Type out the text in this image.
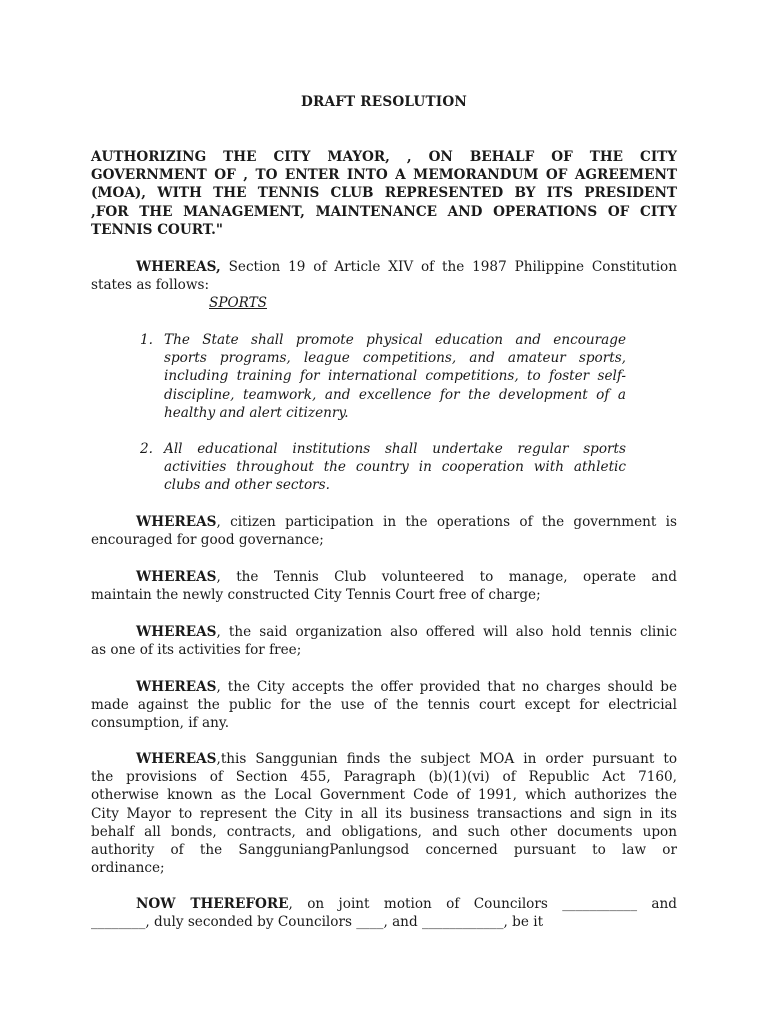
DRAFT RESOLUTION
AUTHORIZING THE CITY MAYOR, , ON BEHALF OF THE CITY
GOVERNMENT OF , TO ENTER INTO A MEMORANDUM OF AGREEMENT
(MOA), WITH THE TENNIS CLUB REPRESENTED BY ITS PRESIDENT
,FOR THE MANAGEMENT, MAINTENANCE AND OPERATIONS OF CITY
TENNIS COURT."
WHEREAS, Section 19 of Article XIV of the 1987 Philippine Constitution
states as follows:
SPORTS
1. The State shall promote physical education and encourage
sports programs, league competitions, and amateur sports,
including training for international competitions, to foster self-
discipline, teamwork, and excellence for the development of a
healthy and alert citizenry.
2. All educational institutions shall undertake regular sports
activities throughout the country in cooperation with athletic
clubs and other sectors.
WHEREAS, citizen participation in the operations of the government is
encouraged for good governance;
WHEREAS, the Tennis Club volunteered to manage, operate and
maintain the newly constructed City Tennis Court free of charge;
WHEREAS, the said organization also offered will also hold tennis clinic
as one of its activities for free;
WHEREAS, the City accepts the offer provided that no charges should be
made against the public for the use of the tennis court except for electricial
consumption, if any.
WHEREAS,this Sanggunian finds the subject MOA in order pursuant to
the provisions of Section 455, Paragraph (b)(1)(vi) of Republic Act 7160,
otherwise known as the Local Government Code of 1991, which authorizes the
City Mayor to represent the City in all its business transactions and sign in its
behalf all bonds, contracts, and obligations, and such other documents upon
authority of the SangguniangPanlungsod concerned pursuant to law or
ordinance;
NOW THEREFORE, on joint motion of Councilors ___________ and
________, duly seconded by Councilors ____, and ____________, be it
